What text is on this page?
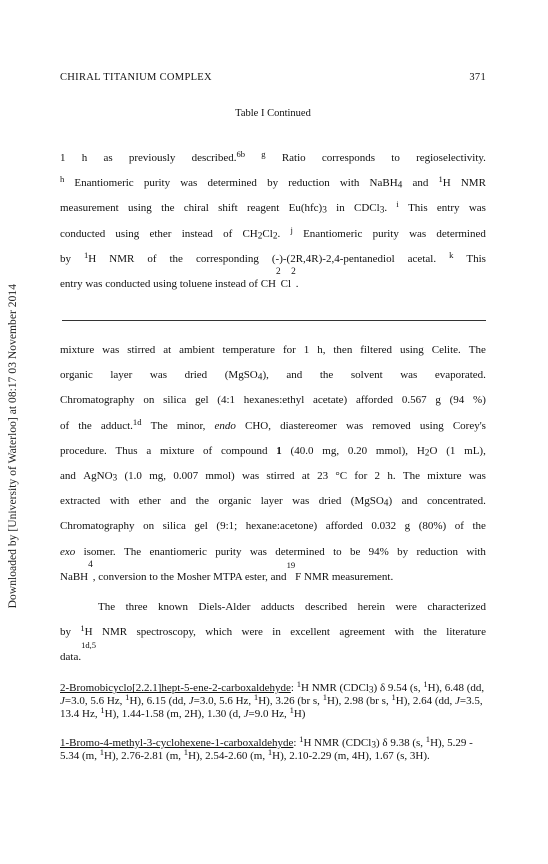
Downloaded by [University of Waterloo] at 08:17 03 November 2014
CHIRAL TITANIUM COMPLEX	371
Table I Continued
1 h as previously described.$^{6b}$ $^g$ Ratio corresponds to regioselectivity.
$^h$ Enantiomeric purity was determined by reduction with NaBH$_4$ and $^1$H NMR
measurement using the chiral shift reagent $Eu(hfc)_3$ in CDCl$_3$. $^i$ This entry was
conducted using ether instead of $CH_2Cl_2$. $^j$ Enantiomeric purity was determined
by $^1$H NMR of the corresponding (-)-(2R,4R)-2,4-pentanediol acetal. $^k$ This
entry was conducted using toluene instead of CH
2
Cl
2
.
mixture was stirred at ambient temperature for 1 h, then filtered using Celite. The
organic layer was dried (MgSO$_4$), and the solvent was evaporated.
Chromatography on silica gel (4:1 hexanes:ethyl acetate) afforded 0.567 g (94 %)
of the adduct.$^{1d}$ The minor, endo CHO, diastereomer was removed using Corey's
procedure. Thus a mixture of compound 1 (40.0 mg, 0.20 mmol), $H_2O$ (1 mL),
and AgNO$_3$ (1.0 mg, 0.007 mmol) was stirred at 23 °C for 2 h. The mixture was
extracted with ether and the organic layer was dried (MgSO$_4$) and concentrated.
Chromatography on silica gel (9:1; hexane:acetone) afforded 0.032 g (80%) of the
exo isomer. The enantiomeric purity was determined to be 94% by reduction with
NaBH
4
, conversion to the Mosher MTPA ester, and
19
F NMR measurement.
The three known Diels-Alder adducts described herein were characterized
by $^1$H NMR spectroscopy, which were in excellent agreement with the literature
data.
1d,5
2-Bromobicyclo[2.2.1]hept-5-ene-2-carboxaldehyde: $^1$H NMR (CDCl$_3$) δ 9.54 (s, $^1$H), 6.48 (dd, J=3.0, 5.6 Hz, $^1$H), 6.15 (dd, J=3.0, 5.6 Hz, $^1$H), 3.26 (br s, $^1$H), 2.98 (br s, $^1$H), 2.64 (dd, J=3.5, 13.4 Hz, $^1$H), 1.44-1.58 (m, 2H), 1.30 (d, J=9.0 Hz, $^1$H)
1-Bromo-4-methyl-3-cyclohexene-1-carboxaldehyde: $^1$H NMR (CDCl$_3$) δ 9.38 (s, $^1$H), 5.29 - 5.34 (m, $^1$H), 2.76-2.81 (m, $^1$H), 2.54-2.60 (m, $^1$H), 2.10-2.29 (m, 4H), 1.67 (s, 3H).
